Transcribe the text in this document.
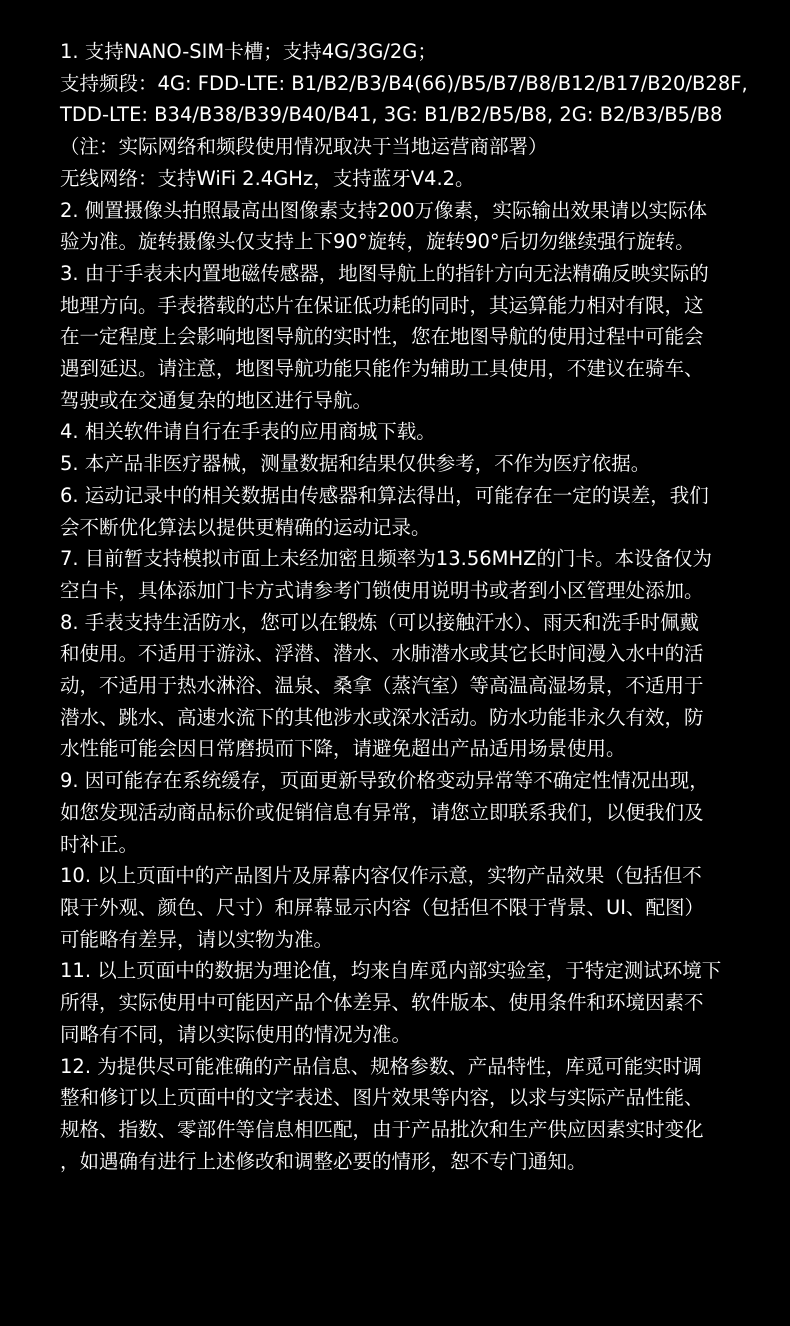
1. 支持NANO-SIM卡槽；支持4G/3G/2G；
支持频段：4G: FDD-LTE: B1/B2/B3/B4(66)/B5/B7/B8/B12/B17/B20/B28F,
TDD-LTE: B34/B38/B39/B40/B41, 3G: B1/B2/B5/B8, 2G: B2/B3/B5/B8
（注：实际网络和频段使用情况取决于当地运营商部署）
无线网络：支持WiFi 2.4GHz，支持蓝牙V4.2。
2. 侧置摄像头拍照最高出图像素支持200万像素，实际输出效果请以实际体
验为准。旋转摄像头仅支持上下90°旋转，旋转90°后切勿继续强行旋转。
3. 由于手表未内置地磁传感器，地图导航上的指针方向无法精确反映实际的
地理方向。手表搭载的芯片在保证低功耗的同时，其运算能力相对有限，这
在一定程度上会影响地图导航的实时性，您在地图导航的使用过程中可能会
遇到延迟。请注意，地图导航功能只能作为辅助工具使用，不建议在骑车、
驾驶或在交通复杂的地区进行导航。
4. 相关软件请自行在手表的应用商城下载。
5. 本产品非医疗器械，测量数据和结果仅供参考，不作为医疗依据。
6. 运动记录中的相关数据由传感器和算法得出，可能存在一定的误差，我们
会不断优化算法以提供更精确的运动记录。
7. 目前暂支持模拟市面上未经加密且频率为13.56MHZ的门卡。本设备仅为
空白卡，具体添加门卡方式请参考门锁使用说明书或者到小区管理处添加。
8. 手表支持生活防水，您可以在锻炼（可以接触汗水）、雨天和洗手时佩戴
和使用。不适用于游泳、浮潜、潜水、水肺潜水或其它长时间漫入水中的活
动，不适用于热水淋浴、温泉、桑拿（蒸汽室）等高温高湿场景，不适用于
潜水、跳水、高速水流下的其他涉水或深水活动。防水功能非永久有效，防
水性能可能会因日常磨损而下降，请避免超出产品适用场景使用。
9. 因可能存在系统缓存，页面更新导致价格变动异常等不确定性情况出现，
如您发现活动商品标价或促销信息有异常，请您立即联系我们，以便我们及
时补正。
10. 以上页面中的产品图片及屏幕内容仅作示意，实物产品效果（包括但不
限于外观、颜色、尺寸）和屏幕显示内容（包括但不限于背景、UI、配图）
可能略有差异，请以实物为准。
11. 以上页面中的数据为理论值，均来自库觅内部实验室，于特定测试环境下
所得，实际使用中可能因产品个体差异、软件版本、使用条件和环境因素不
同略有不同，请以实际使用的情况为准。
12. 为提供尽可能准确的产品信息、规格参数、产品特性，库觅可能实时调
整和修订以上页面中的文字表述、图片效果等内容，以求与实际产品性能、
规格、指数、零部件等信息相匹配，由于产品批次和生产供应因素实时变化
，如遇确有进行上述修改和调整必要的情形，恕不专门通知。
